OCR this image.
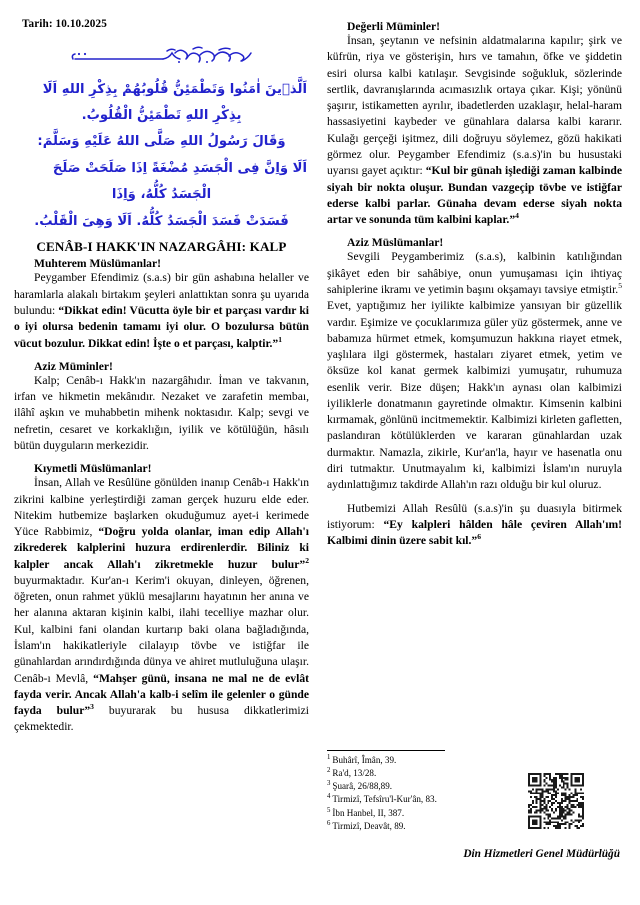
Tarih: 10.10.2025
اَلَّذٖينَ اٰمَنُوا وَتَطْمَئِنُّ قُلُوبُهُمْ بِذِكْرِ اللهِ اَلَا بِذِكْرِ اللهِ تَطْمَئِنُّ الْقُلُوبُ.
وَقَالَ رَسُولُ اللهِ صَلَّى اللهُ عَلَيْهِ وَسَلَّمَ:
اَلَا وَاِنَّ فِى الْجَسَدِ مُضْغَةً اِذَا صَلَحَتْ صَلَحَ الْجَسَدُ كُلُّهُ، وَاِذَا
فَسَدَتْ فَسَدَ الْجَسَدُ كُلُّهُ. اَلَا وَهِىَ الْقَلْبُ.
CENÂB-I HAKK'IN NAZARGÂHI: KALP
Muhterem Müslümanlar!

Peygamber Efendimiz (s.a.s) bir gün ashabına helaller ve haramlarla alakalı birtakım şeyleri anlattıktan sonra şu uyarıda bulundu: “Dikkat edin! Vücutta öyle bir et parçası vardır ki o iyi olursa bedenin tamamı iyi olur. O bozulursa bütün vücut bozulur. Dikkat edin! İşte o et parçası, kalptir.”$^1$

Aziz Müminler!

Kalp; Cenâb-ı Hakk'ın nazargâhıdır. İman ve takvanın, irfan ve hikmetin mekânıdır. Nezaket ve zarafetin membaı, ilâhî aşkın ve muhabbetin mihenk noktasıdır. Kalp; sevgi ve nefretin, cesaret ve korkaklığın, iyilik ve kötülüğün, hâsılı bütün duyguların merkezidir.

Kıymetli Müslümanlar!

İnsan, Allah ve Resûlüne gönülden inanıp Cenâb-ı Hakk'ın zikrini kalbine yerleştirdiği zaman gerçek huzuru elde eder. Nitekim hutbemize başlarken okuduğumuz ayet-i kerimede Yüce Rabbimiz, “Doğru yolda olanlar, iman edip Allah'ı zikrederek kalplerini huzura erdirenlerdir. Biliniz ki kalpler ancak Allah'ı zikretmekle huzur bulur”$^2$ buyurmaktadır. Kur'an-ı Kerim'i okuyan, dinleyen, öğrenen, öğreten, onun rahmet yüklü mesajlarını hayatının her anına ve her alanına aktaran kişinin kalbi, ilahi tecelliye mazhar olur. Kul, kalbini fani olandan kurtarıp baki olana bağladığında, İslam'ın hakikatleriyle cilalayıp tövbe ve istiğfar ile günahlardan arındırdığında dünya ve ahiret mutluluğuna ulaşır. Cenâb-ı Mevlâ, “Mahşer günü, insana ne mal ne de evlât fayda verir. Ancak Allah'a kalb-i selîm ile gelenler o günde fayda bulur”$^3$ buyurarak bu hususa dikkatlerimizi çekmektedir.

Değerli Müminler!

İnsan, şeytanın ve nefsinin aldatmalarına kapılır; şirk ve küfrün, riya ve gösterişin, hırs ve tamahın, öfke ve şiddetin esiri olursa kalbi katılaşır. Sevgisinde soğukluk, sözlerinde sertlik, davranışlarında acımasızlık ortaya çıkar. Kişi; yönünü şaşırır, istikametten ayrılır, ibadetlerden uzaklaşır, helal-haram hassasiyetini kaybeder ve günahlara dalarsa kalbi kararır. Kulağı gerçeği işitmez, dili doğruyu söylemez, gözü hakikati görmez olur. Peygamber Efendimiz (s.a.s)'in bu husustaki uyarısı gayet açıktır: “Kul bir günah işlediği zaman kalbinde siyah bir nokta oluşur. Bundan vazgeçip tövbe ve istiğfar ederse kalbi parlar. Günaha devam ederse siyah nokta artar ve sonunda tüm kalbini kaplar.”$^4$

Aziz Müslümanlar!

Sevgili Peygamberimiz (s.a.s), kalbinin katılığından şikâyet eden bir sahâbiye, onun yumuşaması için ihtiyaç sahiplerine ikramı ve yetimin başını okşamayı tavsiye etmiştir.$^5$ Evet, yaptığımız her iyilikte kalbimize yansıyan bir güzellik vardır. Eşimize ve çocuklarımıza güler yüz göstermek, anne ve babamıza hürmet etmek, komşumuzun hakkına riayet etmek, yaşlılara ilgi göstermek, hastaları ziyaret etmek, yetim ve öksüze kol kanat germek kalbimizi yumuşatır, ruhumuza esenlik verir. Bize düşen; Hakk'ın aynası olan kalbimizi iyiliklerle donatmanın gayretinde olmaktır. Kimsenin kalbini kırmamak, gönlünü incitmemektir. Kalbimizi kirleten gafletten, paslandıran kötülüklerden ve kararan günahlardan uzak durmaktır. Namazla, zikirle, Kur'an'la, hayır ve hasenatla onu diri tutmaktır. Unutmayalım ki, kalbimizi İslam'ın nuruyla aydınlattığımız takdirde Allah'ın razı olduğu bir kul oluruz.

Hutbemizi Allah Resûlü (s.a.s)'in şu duasıyla bitirmek istiyorum: “Ey kalpleri hâlden hâle çeviren Allah'ım! Kalbimi dinin üzere sabit kıl.”$^6$

$^1$ Buhârî, Îmân, 39.
$^2$ Ra'd, 13/28.
$^3$ Şuarâ, 26/88,89.
$^4$ Tirmizî, Tefsîru'l-Kur'ân, 83.
$^5$ İbn Hanbel, II, 387.
$^6$ Tirmizî, Deavât, 89.
Din Hizmetleri Genel Müdürlüğü
